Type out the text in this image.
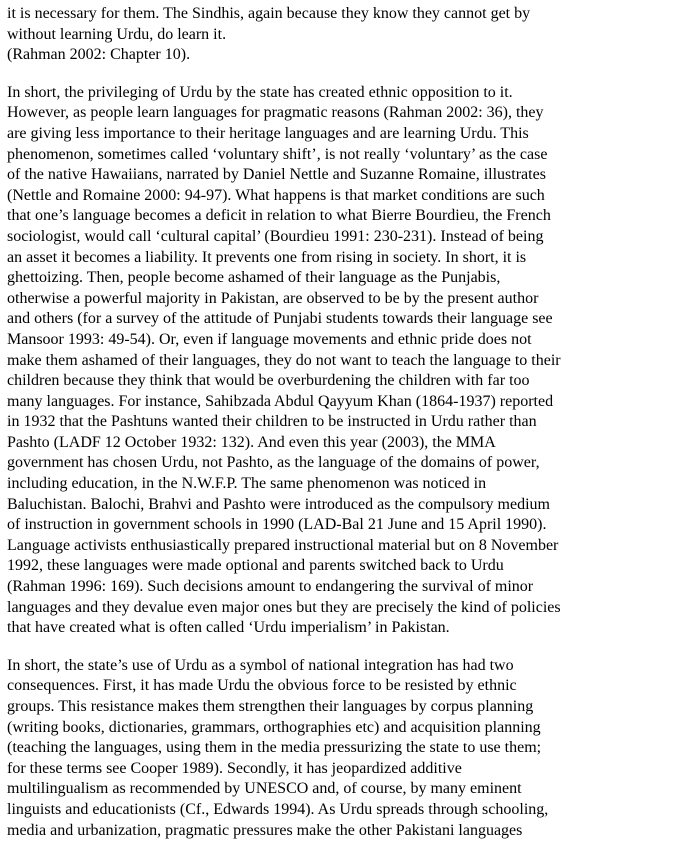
it is necessary for them. The Sindhis, again because they know they cannot get by
without learning Urdu, do learn it.
(Rahman 2002: Chapter 10).

In short, the privileging of Urdu by the state has created ethnic opposition to it.
However, as people learn languages for pragmatic reasons (Rahman 2002: 36), they
are giving less importance to their heritage languages and are learning Urdu. This
phenomenon, sometimes called ‘voluntary shift’, is not really ‘voluntary’ as the case
of the native Hawaiians, narrated by Daniel Nettle and Suzanne Romaine, illustrates
(Nettle and Romaine 2000: 94-97). What happens is that market conditions are such
that one’s language becomes a deficit in relation to what Bierre Bourdieu, the French
sociologist, would call ‘cultural capital’ (Bourdieu 1991: 230-231). Instead of being
an asset it becomes a liability. It prevents one from rising in society. In short, it is
ghettoizing. Then, people become ashamed of their language as the Punjabis,
otherwise a powerful majority in Pakistan, are observed to be by the present author
and others (for a survey of the attitude of Punjabi students towards their language see
Mansoor 1993: 49-54). Or, even if language movements and ethnic pride does not
make them ashamed of their languages, they do not want to teach the language to their
children because they think that would be overburdening the children with far too
many languages. For instance, Sahibzada Abdul Qayyum Khan (1864-1937) reported
in 1932 that the Pashtuns wanted their children to be instructed in Urdu rather than
Pashto (LADF 12 October 1932: 132). And even this year (2003), the MMA
government has chosen Urdu, not Pashto, as the language of the domains of power,
including education, in the N.W.F.P. The same phenomenon was noticed in
Baluchistan. Balochi, Brahvi and Pashto were introduced as the compulsory medium
of instruction in government schools in 1990 (LAD-Bal 21 June and 15 April 1990).
Language activists enthusiastically prepared instructional material but on 8 November
1992, these languages were made optional and parents switched back to Urdu
(Rahman 1996: 169). Such decisions amount to endangering the survival of minor
languages and they devalue even major ones but they are precisely the kind of policies
that have created what is often called ‘Urdu imperialism’ in Pakistan.

In short, the state’s use of Urdu as a symbol of national integration has had two
consequences. First, it has made Urdu the obvious force to be resisted by ethnic
groups. This resistance makes them strengthen their languages by corpus planning
(writing books, dictionaries, grammars, orthographies etc) and acquisition planning
(teaching the languages, using them in the media pressurizing the state to use them;
for these terms see Cooper 1989). Secondly, it has jeopardized additive
multilingualism as recommended by UNESCO and, of course, by many eminent
linguists and educationists (Cf., Edwards 1994). As Urdu spreads through schooling,
media and urbanization, pragmatic pressures make the other Pakistani languages
